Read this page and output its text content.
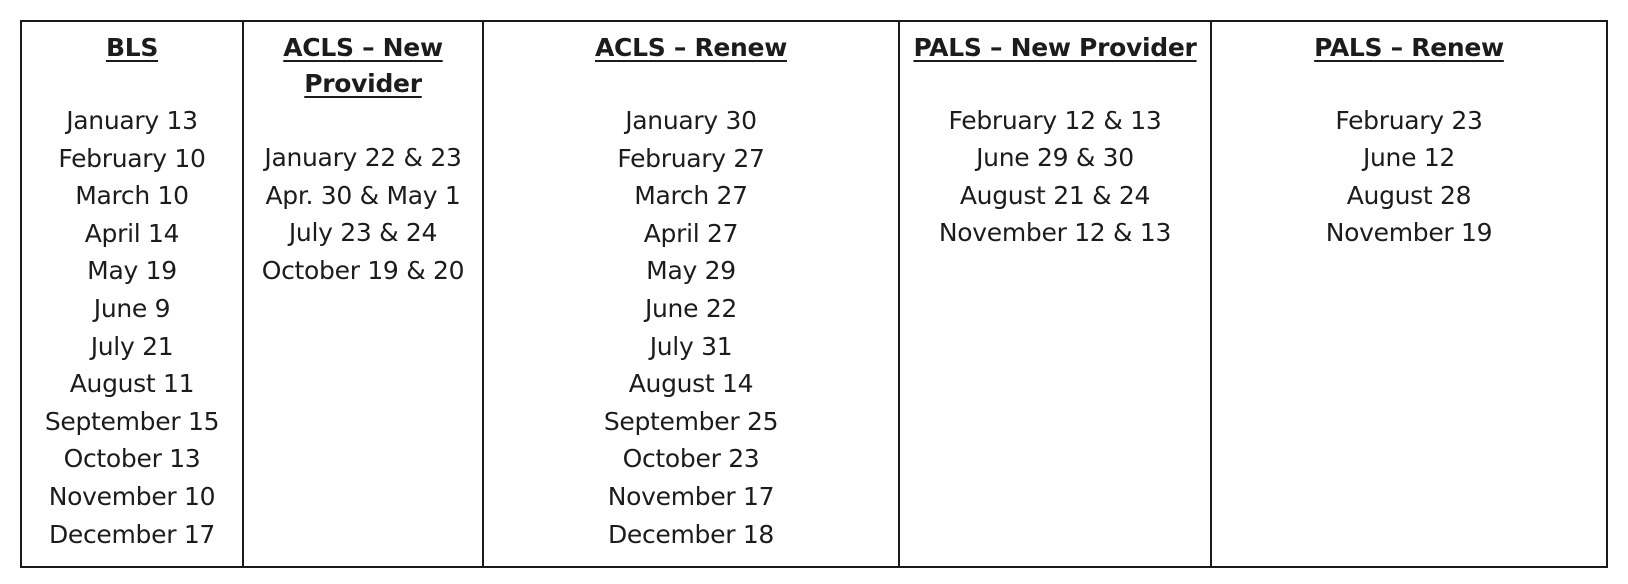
BLS
January 13
February 10
March 10
April 14
May 19
June 9
July 21
August 11
September 15
October 13
November 10
December 17
ACLS – New Provider
January 22 & 23
Apr. 30 & May 1
July 23 & 24
October 19 & 20
ACLS – Renew
January 30
February 27
March 27
April 27
May 29
June 22
July 31
August 14
September 25
October 23
November 17
December 18
PALS – New Provider
February 12 & 13
June 29 & 30
August 21 & 24
November 12 & 13
PALS – Renew
February 23
June 12
August 28
November 19
